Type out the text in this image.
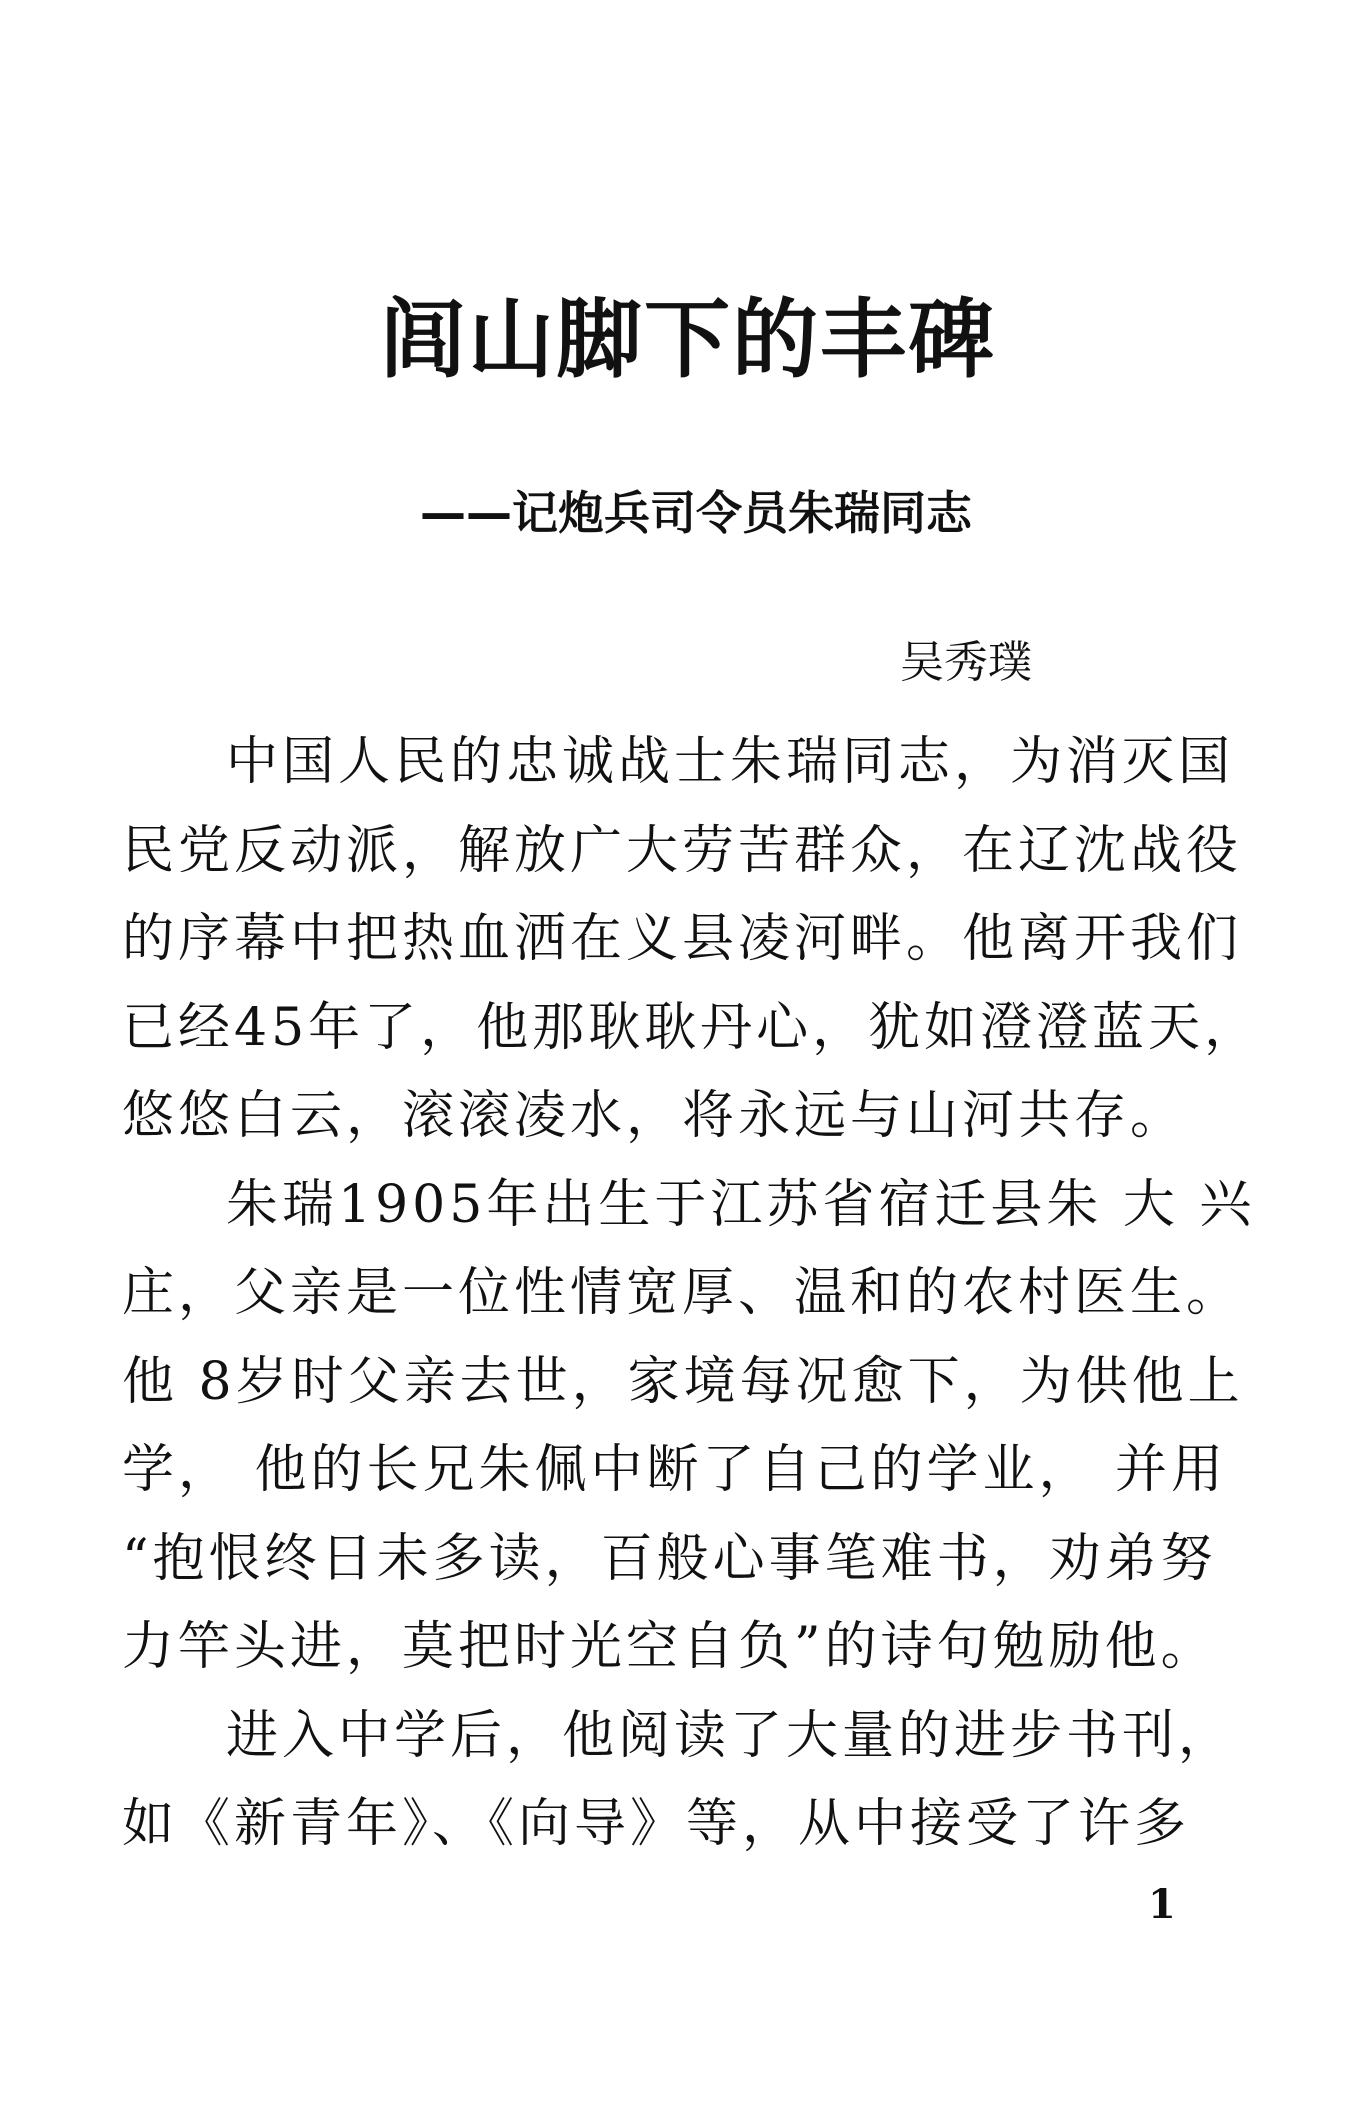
闾山脚下的丰碑
——记炮兵司令员朱瑞同志
吴秀璞
中国人民的忠诚战士朱瑞同志，为消灭国
民党反动派，解放广大劳苦群众，在辽沈战役
的序幕中把热血洒在义县凌河畔。他离开我们
已经45年了，他那耿耿丹心，犹如澄澄蓝天，
悠悠白云，滚滚凌水，将永远与山河共存。
朱瑞1905年出生于江苏省宿迁县朱 大 兴
庄，父亲是一位性情宽厚、温和的农村医生。
他 8岁时父亲去世，家境每况愈下，为供他上
学， 他的长兄朱佩中断了自己的学业， 并用
“抱恨终日未多读，百般心事笔难书，劝弟努
力竿头进，莫把时光空自负”的诗句勉励他。
进入中学后，他阅读了大量的进步书刊，
如《新青年》、《向导》等，从中接受了许多
1
